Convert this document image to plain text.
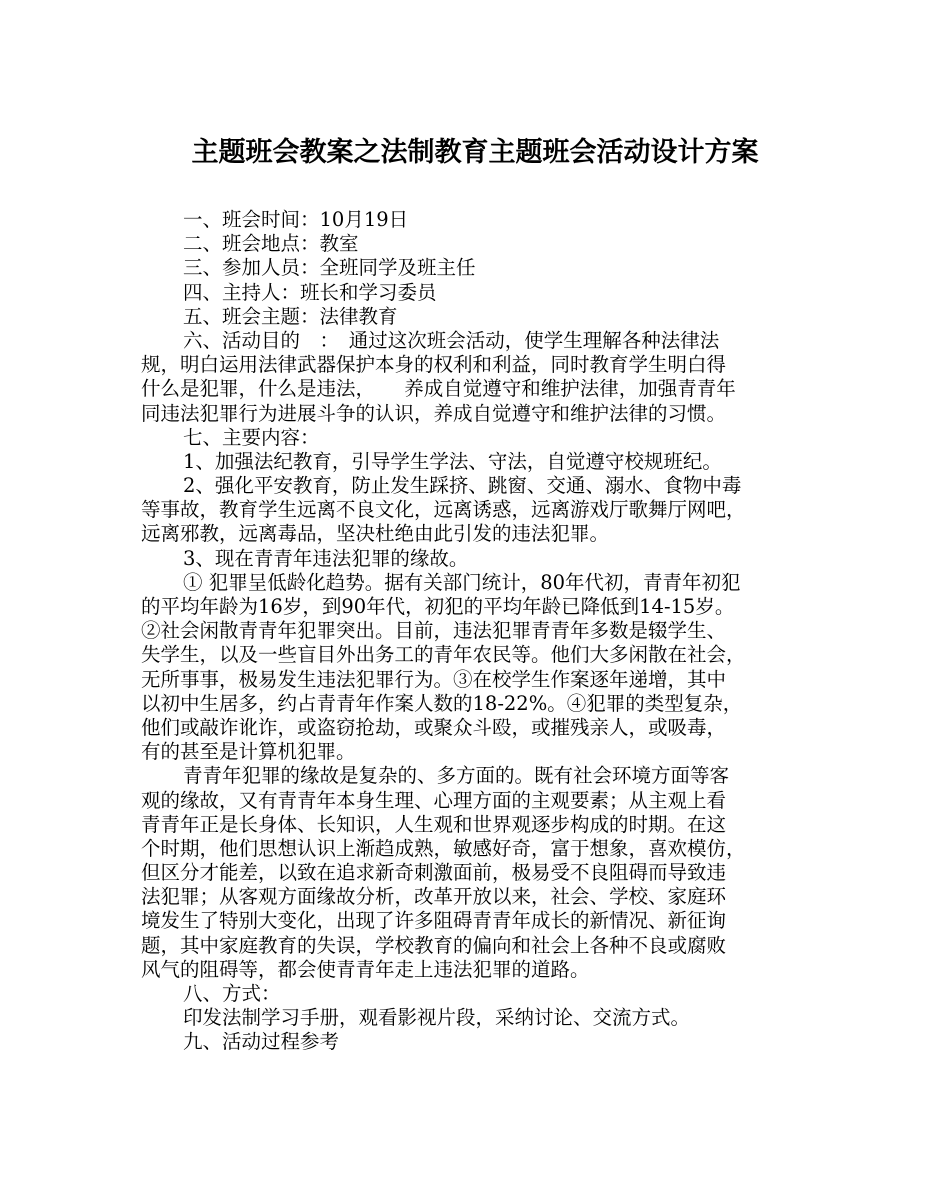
主题班会教案之法制教育主题班会活动设计方案
一、班会时间：10月19日
二、班会地点：教室
三、参加人员：全班同学及班主任
四、主持人：班长和学习委员
五、班会主题：法律教育
六、活动目的　：　通过这次班会活动，使学生理解各种法律法
规，明白运用法律武器保护本身的权利和利益，同时教育学生明白得
什么是犯罪，什么是违法，　　养成自觉遵守和维护法律，加强青青年
同违法犯罪行为进展斗争的认识，养成自觉遵守和维护法律的习惯。
七、主要内容：
1、加强法纪教育，引导学生学法、守法，自觉遵守校规班纪。
2、强化平安教育，防止发生踩挤、跳窗、交通、溺水、食物中毒
等事故，教育学生远离不良文化，远离诱惑，远离游戏厅歌舞厅网吧，
远离邪教，远离毒品，坚决杜绝由此引发的违法犯罪。
3、现在青青年违法犯罪的缘故。
① 犯罪呈低龄化趋势。据有关部门统计，80年代初，青青年初犯
的平均年龄为16岁，到90年代，初犯的平均年龄已降低到14-15岁。
②社会闲散青青年犯罪突出。目前，违法犯罪青青年多数是辍学生、
失学生，以及一些盲目外出务工的青年农民等。他们大多闲散在社会，
无所事事，极易发生违法犯罪行为。③在校学生作案逐年递增，其中
以初中生居多，约占青青年作案人数的18-22%。④犯罪的类型复杂，
他们或敲诈讹诈，或盗窃抢劫，或聚众斗殴，或摧残亲人，或吸毒，
有的甚至是计算机犯罪。
青青年犯罪的缘故是复杂的、多方面的。既有社会环境方面等客
观的缘故，又有青青年本身生理、心理方面的主观要素；从主观上看
青青年正是长身体、长知识，人生观和世界观逐步构成的时期。在这
个时期，他们思想认识上渐趋成熟，敏感好奇，富于想象，喜欢模仿，
但区分才能差，以致在追求新奇刺激面前，极易受不良阻碍而导致违
法犯罪；从客观方面缘故分析，改革开放以来，社会、学校、家庭环
境发生了特别大变化，出现了许多阻碍青青年成长的新情况、新征询
题，其中家庭教育的失误，学校教育的偏向和社会上各种不良或腐败
风气的阻碍等，都会使青青年走上违法犯罪的道路。
八、方式：
印发法制学习手册，观看影视片段，采纳讨论、交流方式。
九、活动过程参考
